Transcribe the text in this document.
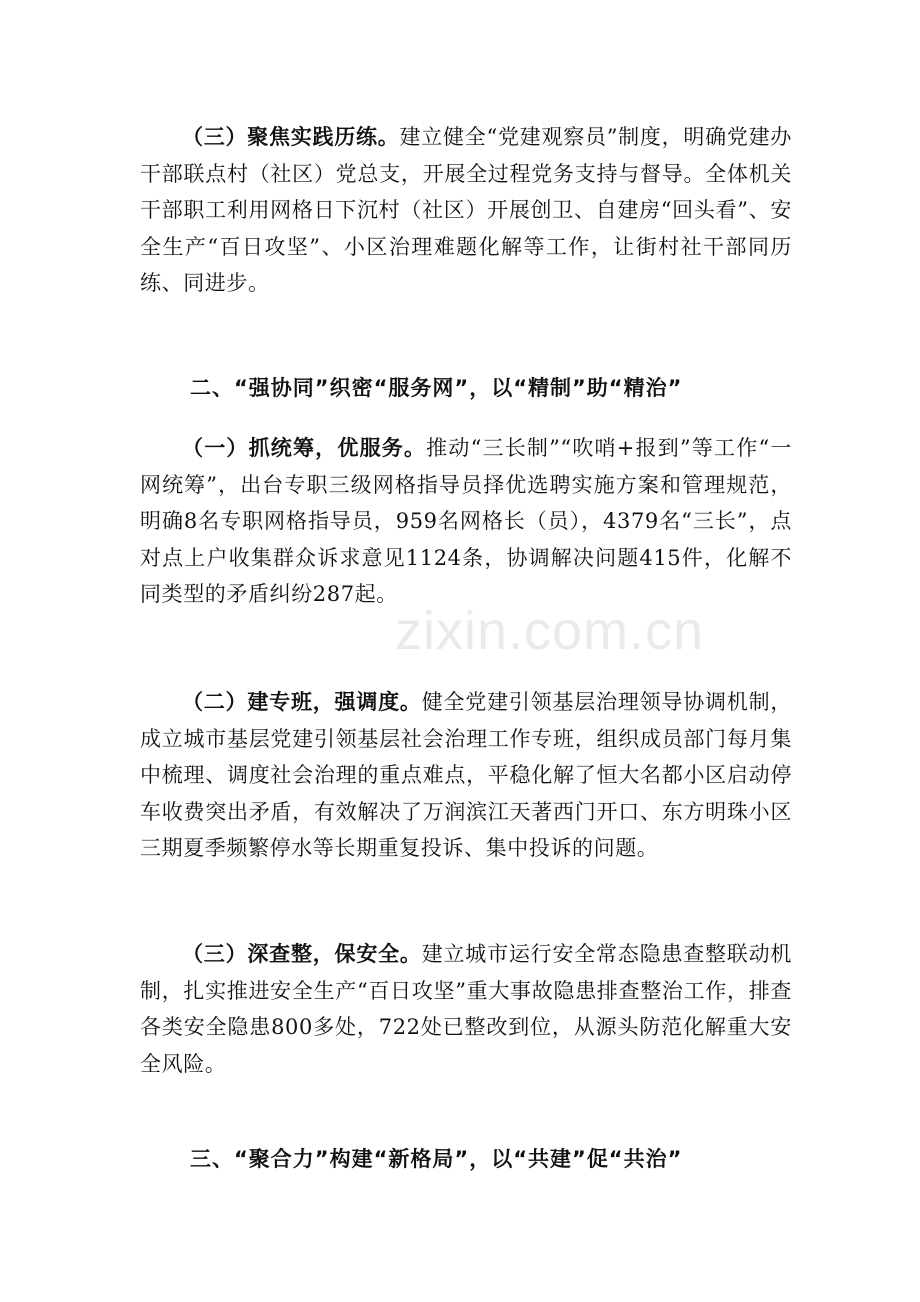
（三）聚焦实践历练。建立健全“党建观察员”制度，明确党建办干部联点村（社区）党总支，开展全过程党务支持与督导。全体机关干部职工利用网格日下沉村（社区）开展创卫、自建房“回头看”、安全生产“百日攻坚”、小区治理难题化解等工作，让街村社干部同历练、同进步。

二、“强协同”织密“服务网”，以“精制”助“精治”

（一）抓统筹，优服务。推动“三长制”“吹哨+报到”等工作“一网统筹”，出台专职三级网格指导员择优选聘实施方案和管理规范，明确8名专职网格指导员，959名网格长（员），4379名“三长”，点对点上户收集群众诉求意见1124条，协调解决问题415件，化解不同类型的矛盾纠纷287起。

（二）建专班，强调度。健全党建引领基层治理领导协调机制，成立城市基层党建引领基层社会治理工作专班，组织成员部门每月集中梳理、调度社会治理的重点难点，平稳化解了恒大名都小区启动停车收费突出矛盾，有效解决了万润滨江天著西门开口、东方明珠小区三期夏季频繁停水等长期重复投诉、集中投诉的问题。

（三）深查整，保安全。建立城市运行安全常态隐患查整联动机制，扎实推进安全生产“百日攻坚”重大事故隐患排查整治工作，排查各类安全隐患800多处，722处已整改到位，从源头防范化解重大安全风险。

三、“聚合力”构建“新格局”，以“共建”促“共治”
zixin.com.cn
